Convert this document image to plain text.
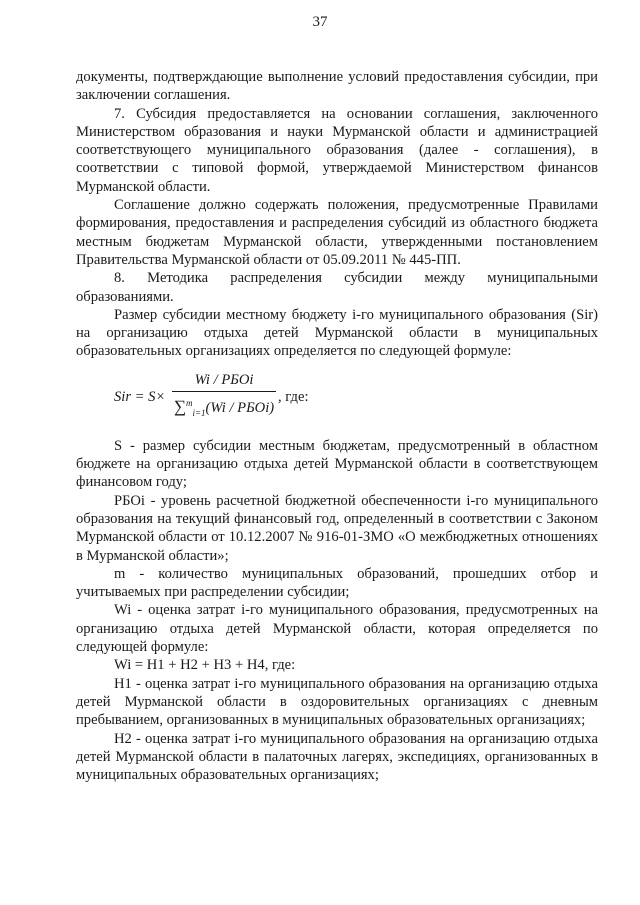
37

документы, подтверждающие выполнение условий предоставления субсидии, при заключении соглашения.

7. Субсидия предоставляется на основании соглашения, заключенного Министерством образования и науки Мурманской области и администрацией соответствующего муниципального образования (далее - соглашения), в соответствии с типовой формой, утверждаемой Министерством финансов Мурманской области.

Соглашение должно содержать положения, предусмотренные Правилами формирования, предоставления и распределения субсидий из областного бюджета местным бюджетам Мурманской области, утвержденными постановлением Правительства Мурманской области от 05.09.2011 № 445-ПП.

8. Методика распределения субсидии между муниципальными образованиями.

Размер субсидии местному бюджету i-го муниципального образования (Sir) на организацию отдыха детей Мурманской области в муниципальных образовательных организациях определяется по следующей формуле:

Sir = S×
Wi / РБОi
∑$^m_{i=1}$(Wi / РБОi)
, где:

S - размер субсидии местным бюджетам, предусмотренный в областном бюджете на организацию отдыха детей Мурманской области в соответствующем финансовом году;

РБОi - уровень расчетной бюджетной обеспеченности i-го муниципального образования на текущий финансовый год, определенный в соответствии с Законом Мурманской области от 10.12.2007 № 916-01-ЗМО «О межбюджетных отношениях в Мурманской области»;

m - количество муниципальных образований, прошедших отбор и учитываемых при распределении субсидии;

Wi - оценка затрат i-го муниципального образования, предусмотренных на организацию отдыха детей Мурманской области, которая определяется по следующей формуле:

Wi = H1 + H2 + H3 + H4, где:

H1 - оценка затрат i-го муниципального образования на организацию отдыха детей Мурманской области в оздоровительных организациях с дневным пребыванием, организованных в муниципальных образовательных организациях;

H2 - оценка затрат i-го муниципального образования на организацию отдыха детей Мурманской области в палаточных лагерях, экспедициях, организованных в муниципальных образовательных организациях;
